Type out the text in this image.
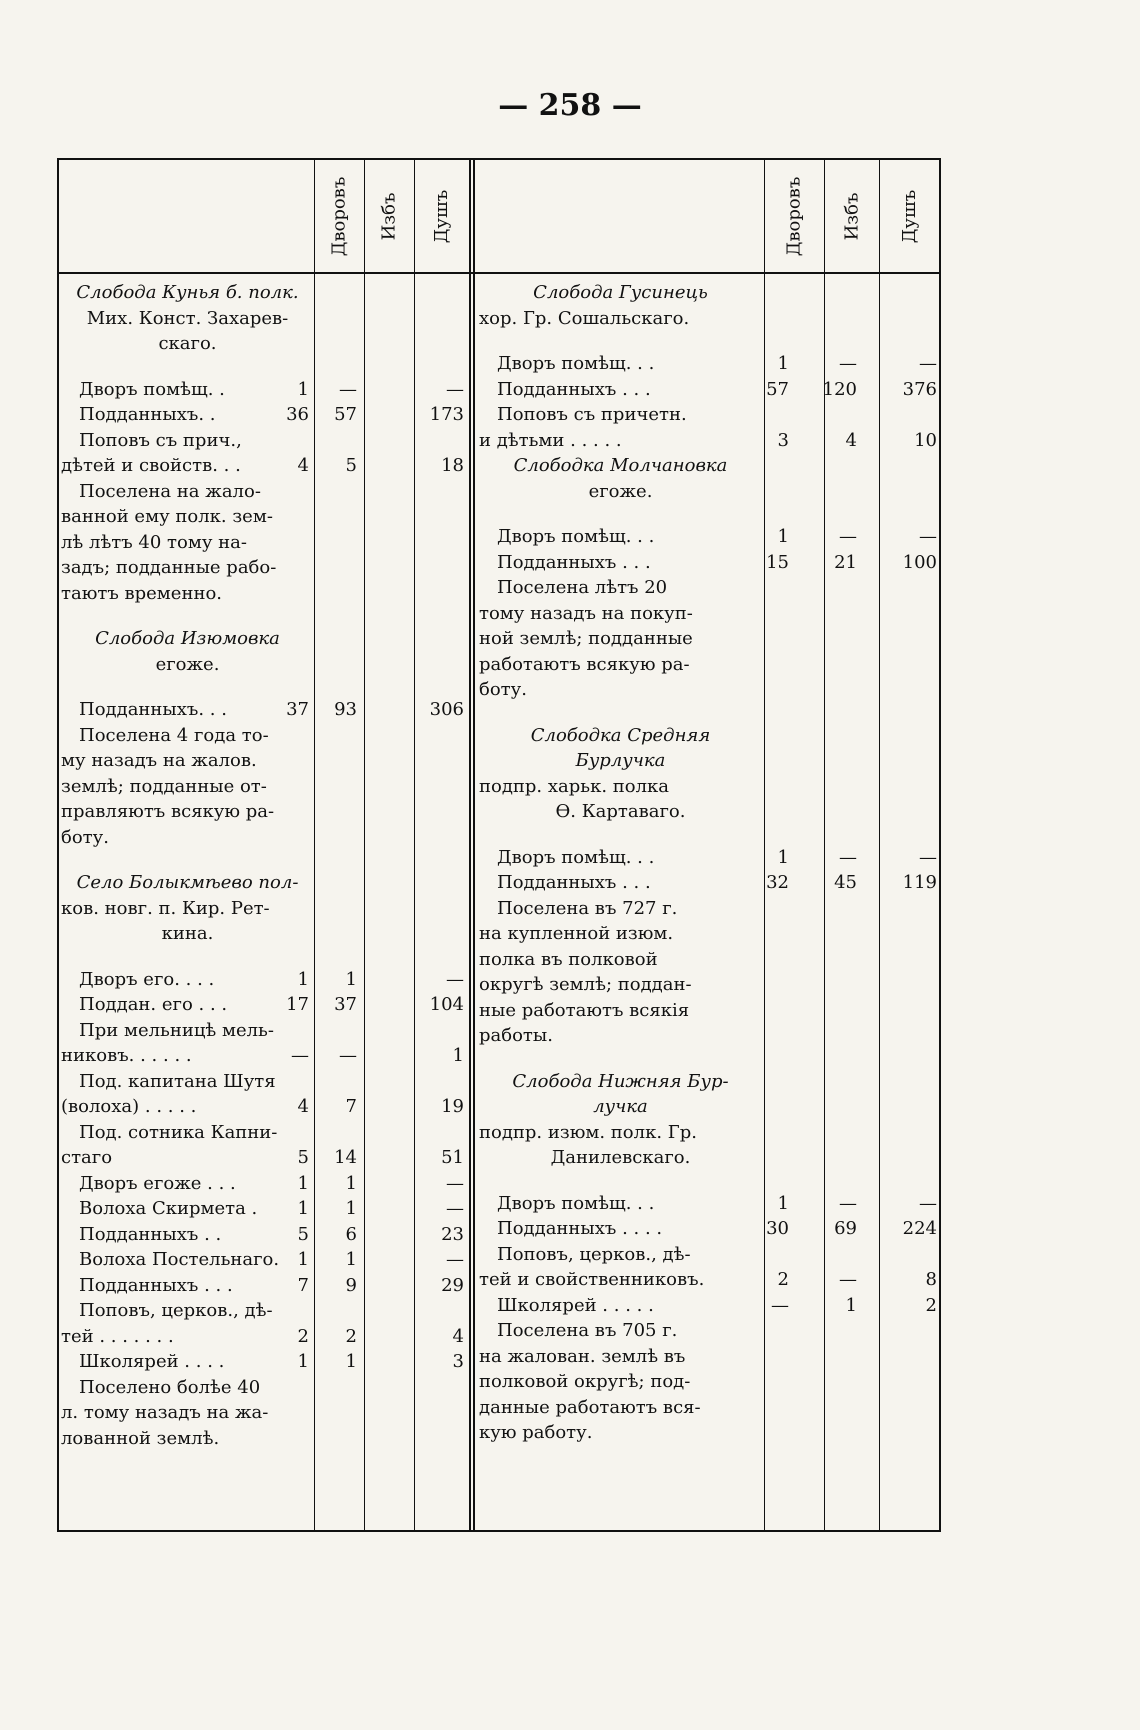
— 258 —
Дворовъ Избъ Душъ	Дворовъ Избъ Душъ
Слобода Кунья б. полк.
Мих. Конст. Захарев-
скаго.
Дворъ помѣщ. .	1	—	—
Подданныхъ. .	36	57	173
Поповъ съ прич.,
дѣтей и свойств. . .	4	5	18
Поселена на жало-
ванной ему полк. зем-
лѣ лѣтъ 40 тому на-
задъ; подданные рабо-
таютъ временно.
Слобода Изюмовка
егоже.
Подданныхъ. . .	37	93	306
Поселена 4 года то-
му назадъ на жалов.
землѣ; подданные от-
правляютъ всякую ра-
боту.
Село Болыкмѣево пол-
ков. новг. п. Кир. Рет-
кина.
Дворъ его. . . .	1	1	—
Поддан. его . . .	17	37	104
При мельницѣ мель-
никовъ. . . . . .	—	—	1
Под. капитана Шутя
(волоха) . . . . .	4	7	19
Под. сотника Капни-
стаго	5	14	51
Дворъ егоже . . .	1	1	—
Волоха Скирмета .	1	1	—
Подданныхъ . .	5	6	23
Волоха Постельнаго.	1	1	—
Подданныхъ . . .	7	9	29
Поповъ, церков., дѣ-
тей . . . . . . .	2	2	4
Школярей . . . .	1	1	3
Поселено болѣе 40
л. тому назадъ на жа-
лованной землѣ.
Слобода Гусинець
хор. Гр. Сошальскаго.
Дворъ помѣщ. . .	1	—	—
Подданныхъ . . .	57	120	376
Поповъ съ причетн.
и дѣтьми . . . . .	3	4	10
Слободка Молчановка
егоже.
Дворъ помѣщ. . .	1	—	—
Подданныхъ . . .	15	21	100
Поселена лѣтъ 20
тому назадъ на покуп-
ной землѣ; подданные
работаютъ всякую ра-
боту.
Слободка Средняя
Бурлучка
подпр. харьк. полка
Ѳ. Картаваго.
Дворъ помѣщ. . .	1	—	—
Подданныхъ . . .	32	45	119
Поселена въ 727 г.
на купленной изюм.
полка въ полковой
округѣ землѣ; поддан-
ные работаютъ всякія
работы.
Слобода Нижняя Бур-
лучка
подпр. изюм. полк. Гр.
Данилевскаго.
Дворъ помѣщ. . .	1	—	—
Подданныхъ . . . .	30	69	224
Поповъ, церков., дѣ-
тей и свойственниковъ.	2	—	8
Школярей . . . . .	—	1	2
Поселена въ 705 г.
на жалован. землѣ въ
полковой округѣ; под-
данные работаютъ вся-
кую работу.
